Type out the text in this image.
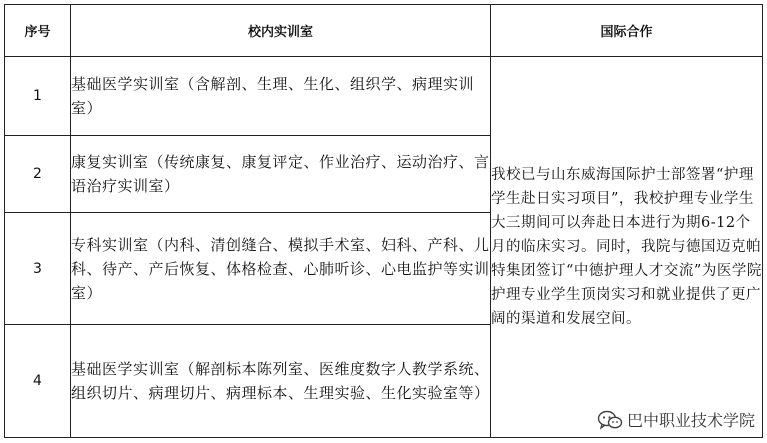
序号	校内实训室	国际合作
1	基础医学实训室（含解剖、生理、生化、组织学、病理实训室）	我校已与山东威海国际护士部签署“护理学生赴日实习项目”，我校护理专业学生大三期间可以奔赴日本进行为期6-12个月的临床实习。同时，我院与德国迈克帕特集团签订“中德护理人才交流”为医学院护理专业学生顶岗实习和就业提供了更广阔的渠道和发展空间。
2	康复实训室（传统康复、康复评定、作业治疗、运动治疗、言语治疗实训室）	
3	专科实训室（内科、清创缝合、模拟手术室、妇科、产科、儿科、待产、产后恢复、体格检查、心肺听诊、心电监护等实训室）	
4	基础医学实训室（解剖标本陈列室、医维度数字人教学系统、组织切片、病理切片、病理标本、生理实验、生化实验室等）	
巴中职业技术学院
